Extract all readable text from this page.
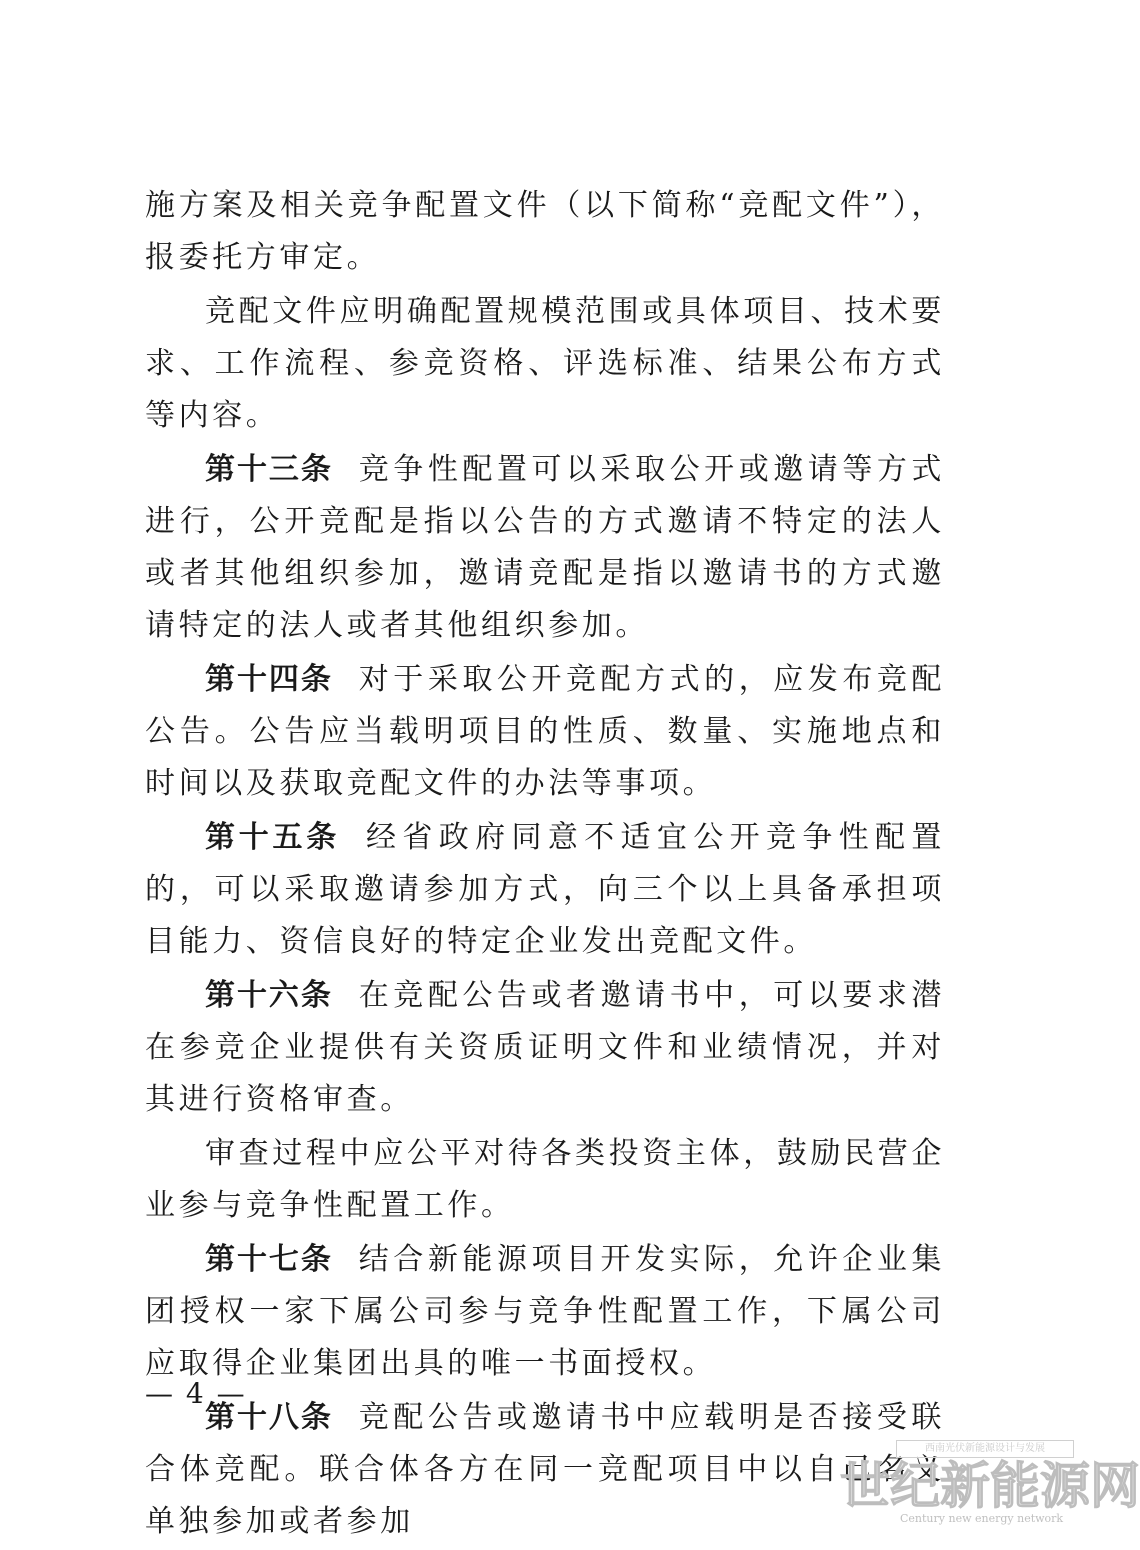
施方案及相关竞争配置文件（以下简称“竞配文件”），报委托方审定。

竞配文件应明确配置规模范围或具体项目、技术要求、工作流程、参竞资格、评选标准、结果公布方式等内容。

第十三条 竞争性配置可以采取公开或邀请等方式进行，公开竞配是指以公告的方式邀请不特定的法人或者其他组织参加，邀请竞配是指以邀请书的方式邀请特定的法人或者其他组织参加。

第十四条 对于采取公开竞配方式的，应发布竞配公告。公告应当载明项目的性质、数量、实施地点和时间以及获取竞配文件的办法等事项。

第十五条 经省政府同意不适宜公开竞争性配置的，可以采取邀请参加方式，向三个以上具备承担项目能力、资信良好的特定企业发出竞配文件。

第十六条 在竞配公告或者邀请书中，可以要求潜在参竞企业提供有关资质证明文件和业绩情况，并对其进行资格审查。

审查过程中应公平对待各类投资主体，鼓励民营企业参与竞争性配置工作。

第十七条 结合新能源项目开发实际，允许企业集团授权一家下属公司参与竞争性配置工作，下属公司应取得企业集团出具的唯一书面授权。

第十八条 竞配公告或邀请书中应载明是否接受联合体竞配。联合体各方在同一竞配项目中以自己名义单独参加或者参加

— 4 —
西南光伏新能源设计与发展
世纪新能源网
Century new energy network
